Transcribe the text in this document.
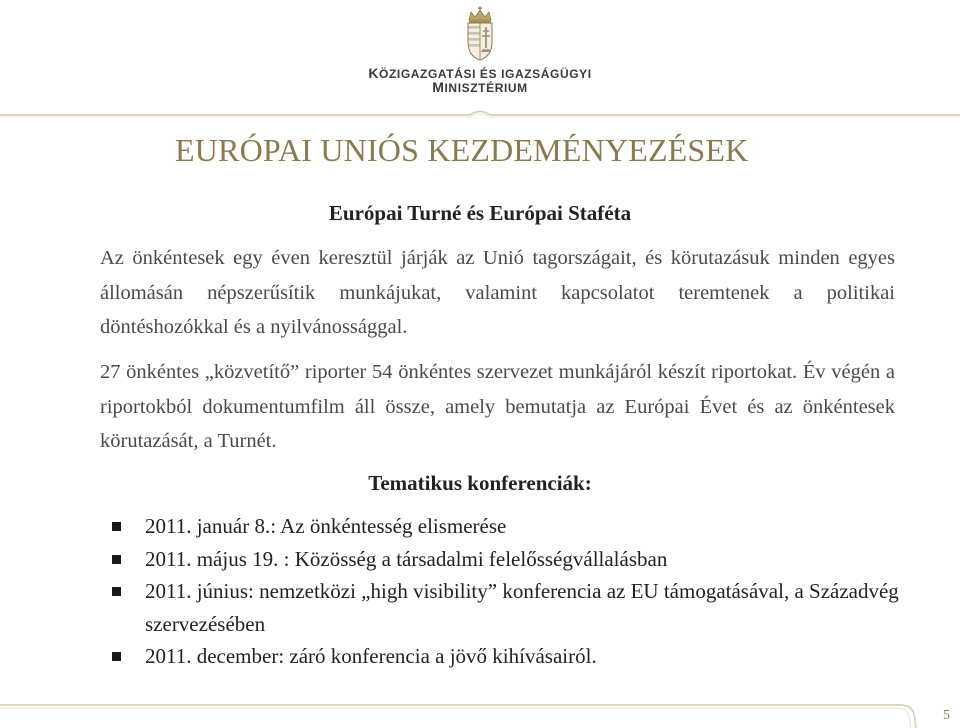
KÖZIGAZGATÁSI ÉS IGAZSÁGÜGYI
MINISZTÉRIUM
EURÓPAI UNIÓS KEZDEMÉNYEZÉSEK
Európai Turné és Európai Staféta

Az önkéntesek egy éven keresztül járják az Unió tagországait, és körutazásuk minden egyes állomásán népszerűsítik munkájukat, valamint kapcsolatot teremtenek a politikai döntéshozókkal és a nyilvánossággal.

27 önkéntes „közvetítő” riporter 54 önkéntes szervezet munkájáról készít riportokat. Év végén a riportokból dokumentumfilm áll össze, amely bemutatja az Európai Évet és az önkéntesek körutazását, a Turnét.

Tematikus konferenciák:
2011. január 8.: Az önkéntesség elismerése
2011. május 19. : Közösség a társadalmi felelősségvállalásban
2011. június: nemzetközi „high visibility” konferencia az EU támogatásával, a Századvég szervezésében
2011. december: záró konferencia a jövő kihívásairól.
5
